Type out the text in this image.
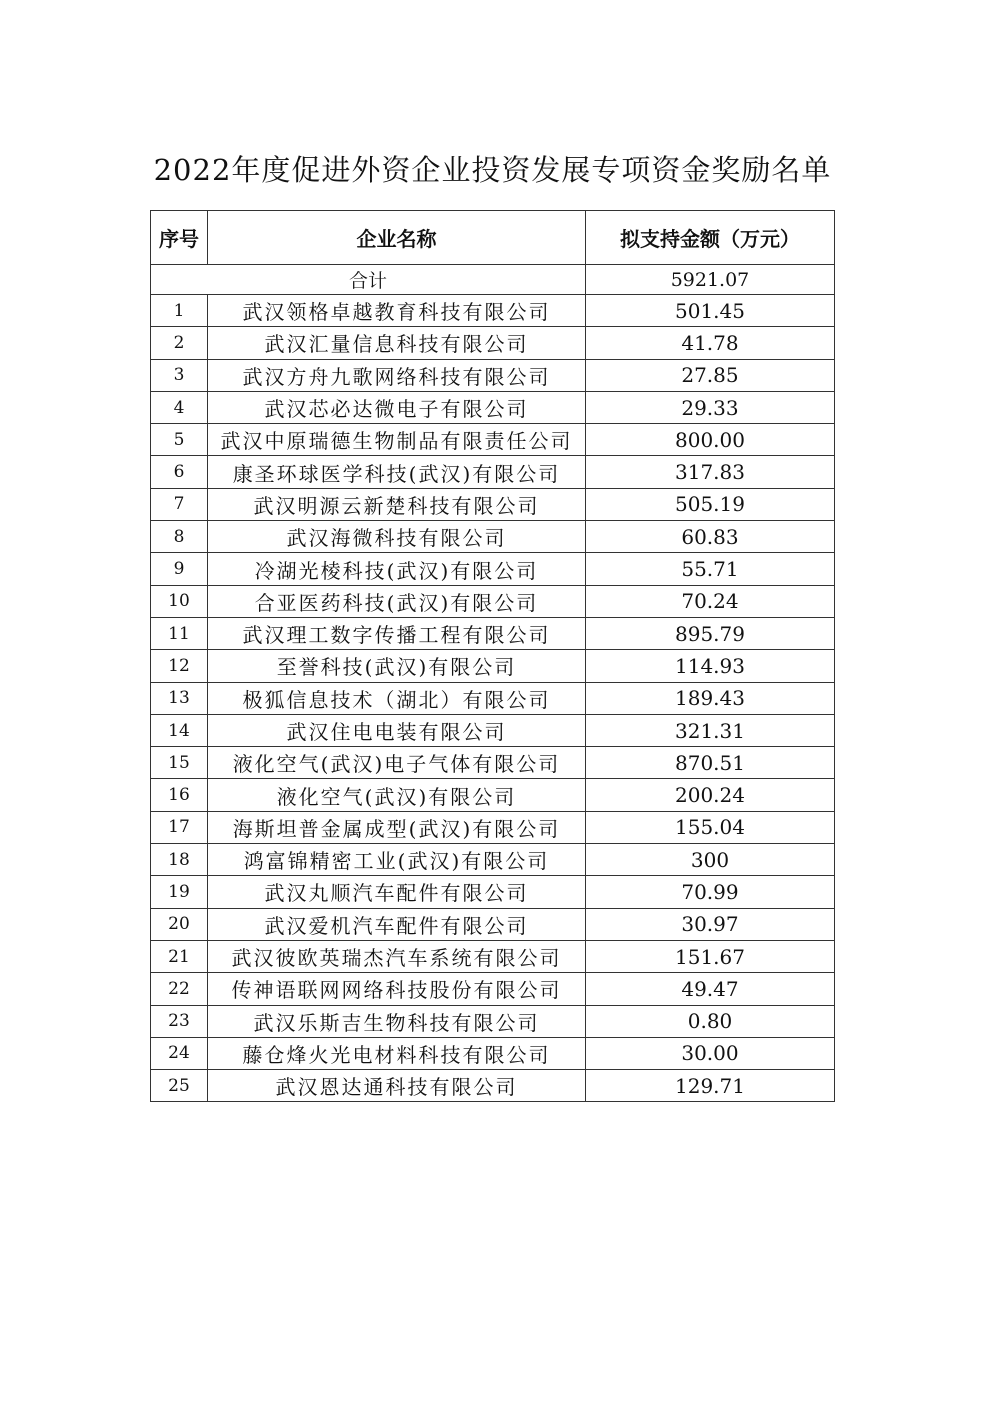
2022年度促进外资企业投资发展专项资金奖励名单
序号	企业名称	拟支持金额（万元）
合计		5921.07
1	武汉领格卓越教育科技有限公司	501.45
2	武汉汇量信息科技有限公司	41.78
3	武汉方舟九歌网络科技有限公司	27.85
4	武汉芯必达微电子有限公司	29.33
5	武汉中原瑞德生物制品有限责任公司	800.00
6	康圣环球医学科技(武汉)有限公司	317.83
7	武汉明源云新楚科技有限公司	505.19
8	武汉海微科技有限公司	60.83
9	冷湖光棱科技(武汉)有限公司	55.71
10	合亚医药科技(武汉)有限公司	70.24
11	武汉理工数字传播工程有限公司	895.79
12	至誉科技(武汉)有限公司	114.93
13	极狐信息技术（湖北）有限公司	189.43
14	武汉住电电装有限公司	321.31
15	液化空气(武汉)电子气体有限公司	870.51
16	液化空气(武汉)有限公司	200.24
17	海斯坦普金属成型(武汉)有限公司	155.04
18	鸿富锦精密工业(武汉)有限公司	300
19	武汉丸顺汽车配件有限公司	70.99
20	武汉爱机汽车配件有限公司	30.97
21	武汉彼欧英瑞杰汽车系统有限公司	151.67
22	传神语联网网络科技股份有限公司	49.47
23	武汉乐斯吉生物科技有限公司	0.80
24	藤仓烽火光电材料科技有限公司	30.00
25	武汉恩达通科技有限公司	129.71
